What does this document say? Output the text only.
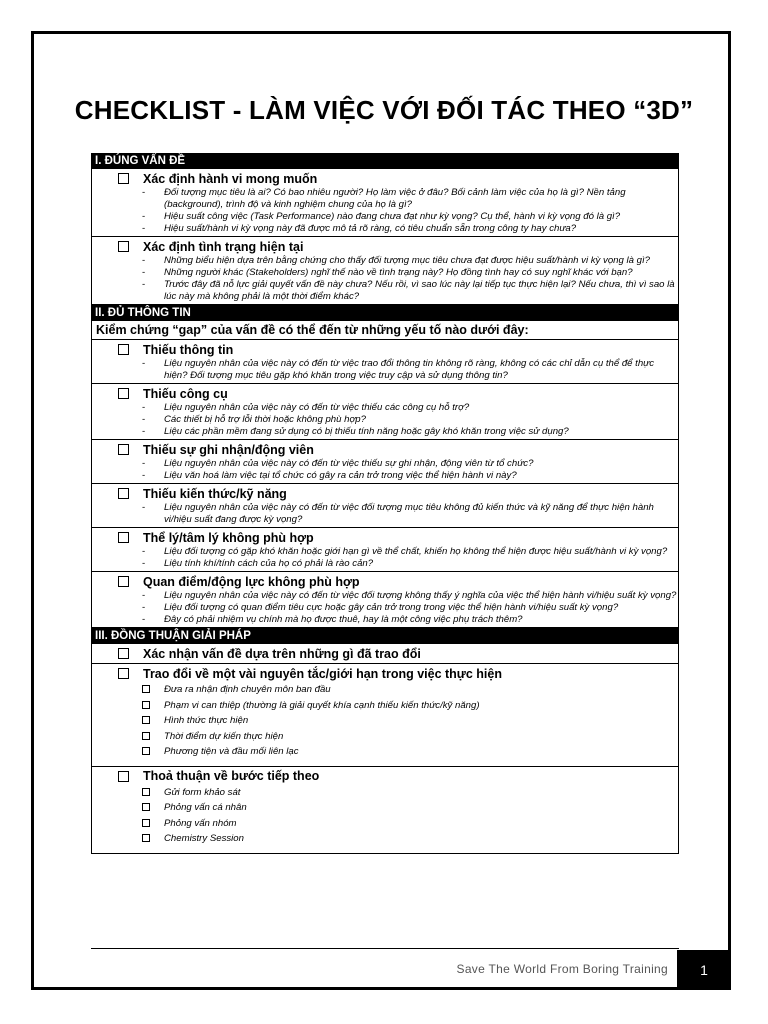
CHECKLIST - LÀM VIỆC VỚI ĐỐI TÁC THEO “3D”
I. ĐÚNG VẤN ĐỀ
Xác định hành vi mong muốn
- Đối tượng mục tiêu là ai? Có bao nhiêu người? Họ làm việc ở đâu? Bối cảnh làm việc của họ là gì? Nền tảng (background), trình độ và kinh nghiệm chung của họ là gì?
- Hiệu suất công việc (Task Performance) nào đang chưa đạt như kỳ vọng? Cụ thể, hành vi kỳ vọng đó là gì?
- Hiệu suất/hành vi kỳ vọng này đã được mô tả rõ ràng, có tiêu chuẩn sẵn trong công ty hay chưa?
Xác định tình trạng hiện tại
- Những biểu hiện dựa trên bằng chứng cho thấy đối tượng mục tiêu chưa đạt được hiệu suất/hành vi kỳ vọng là gì?
- Những người khác (Stakeholders) nghĩ thế nào về tình trạng này? Họ đồng tình hay có suy nghĩ khác với bạn?
- Trước đây đã nỗ lực giải quyết vấn đề này chưa? Nếu rồi, vì sao lúc này lại tiếp tục thực hiện lại? Nếu chưa, thì vì sao là lúc này mà không phải là một thời điểm khác?
II. ĐỦ THÔNG TIN
Kiểm chứng “gap” của vấn đề có thể đến từ những yếu tố nào dưới đây:
Thiếu thông tin
- Liệu nguyên nhân của việc này có đến từ việc trao đổi thông tin không rõ ràng, không có các chỉ dẫn cụ thể để thực hiện? Đối tượng mục tiêu gặp khó khăn trong việc truy cập và sử dụng thông tin?
Thiếu công cụ
- Liệu nguyên nhân của việc này có đến từ việc thiếu các công cụ hỗ trợ?
- Các thiết bị hỗ trợ lỗi thời hoặc không phù hợp?
- Liệu các phần mềm đang sử dụng có bị thiếu tính năng hoặc gây khó khăn trong việc sử dụng?
Thiếu sự ghi nhận/động viên
- Liệu nguyên nhân của việc này có đến từ việc thiếu sự ghi nhận, động viên từ tổ chức?
- Liệu văn hoá làm việc tại tổ chức có gây ra cản trở trong việc thể hiện hành vi này?
Thiếu kiến thức/kỹ năng
- Liệu nguyên nhân của việc này có đến từ việc đối tượng mục tiêu không đủ kiến thức và kỹ năng để thực hiện hành vi/hiệu suất đang được kỳ vọng?
Thể lý/tâm lý không phù hợp
- Liệu đối tượng có gặp khó khăn hoặc giới hạn gì về thể chất, khiến họ không thể hiện được hiệu suất/hành vi kỳ vọng?
- Liệu tính khí/tính cách của họ có phải là rào cản?
Quan điểm/động lực không phù hợp
- Liệu nguyên nhân của việc này có đến từ việc đối tượng không thấy ý nghĩa của việc thể hiện hành vi/hiệu suất kỳ vọng?
- Liệu đối tượng có quan điểm tiêu cực hoặc gây cản trở trong trong việc thể hiện hành vi/hiệu suất kỳ vọng?
- Đây có phải nhiệm vụ chính mà họ được thuê, hay là một công việc phụ trách thêm?
III. ĐỒNG THUẬN GIẢI PHÁP
Xác nhận vấn đề dựa trên những gì đã trao đổi
Trao đổi về một vài nguyên tắc/giới hạn trong việc thực hiện
Đưa ra nhận định chuyên môn ban đầu
Phạm vi can thiệp (thường là giải quyết khía cạnh thiếu kiến thức/kỹ năng)
Hình thức thực hiện
Thời điểm dự kiến thực hiện
Phương tiện và đầu mối liên lạc
Thoả thuận về bước tiếp theo
Gửi form khảo sát
Phỏng vấn cá nhân
Phỏng vấn nhóm
Chemistry Session
Save The World From Boring Training	1
